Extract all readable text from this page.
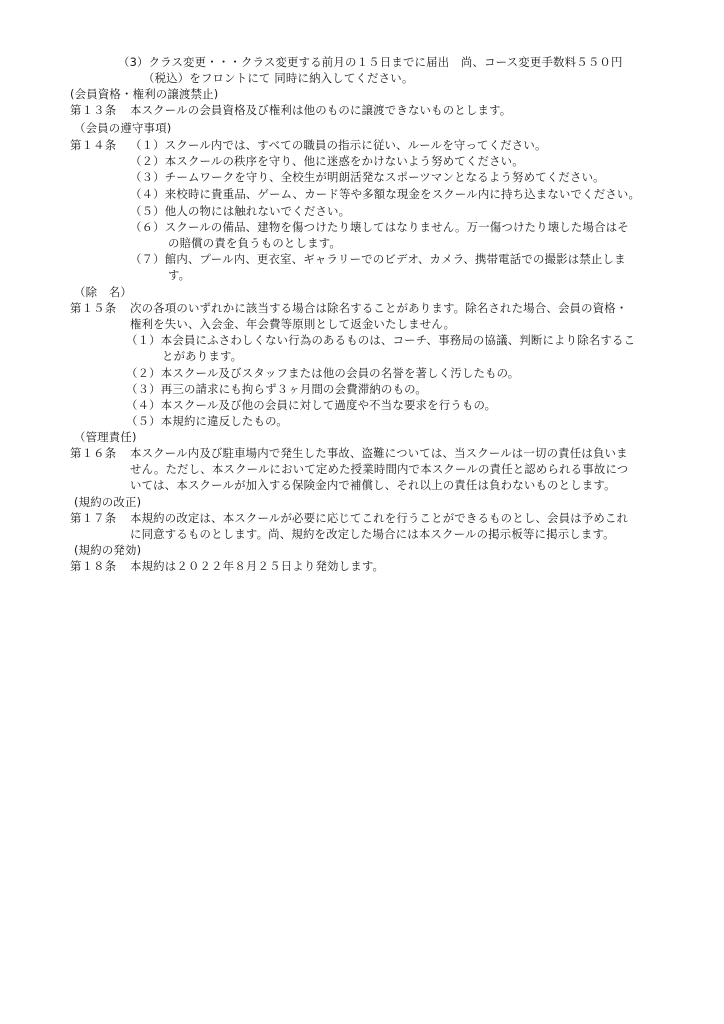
（3）クラス変更・・・クラス変更する前月の１５日までに届出　尚、コース変更手数料５５０円
（税込）をフロントにて 同時に納入してください。
(会員資格・権利の譲渡禁止)
第１３条 本スクールの会員資格及び権利は他のものに譲渡できないものとします。
（会員の遵守事項)
第１４条 （１）スクール内では、すべての職員の指示に従い、ルールを守ってください。
（２）本スクールの秩序を守り、他に迷惑をかけないよう努めてください。
（３）チームワークを守り、全校生が明朗活発なスポーツマンとなるよう努めてください。
（４）来校時に貴重品、ゲーム、カード等や多額な現金をスクール内に持ち込まないでください。
（５）他人の物には触れないでください。
（６）スクールの備品、建物を傷つけたり壊してはなりません。万一傷つけたり壊した場合はそ
の賠償の責を負うものとします。
（７）館内、プール内、更衣室、ギャラリーでのビデオ、カメラ、携帯電話での撮影は禁止しま
す。
（除　名）
第１５条 次の各項のいずれかに該当する場合は除名することがあります。除名された場合、会員の資格・
権利を失い、入会金、年会費等原則として返金いたしません。
（１）本会員にふさわしくない行為のあるものは、コーチ、事務局の協議、判断により除名するこ
とがあります。
（２）本スクール及びスタッフまたは他の会員の名誉を著しく汚したもの。
（３）再三の請求にも拘らず３ヶ月間の会費滞納のもの。
（４）本スクール及び他の会員に対して過度や不当な要求を行うもの。
（５）本規約に違反したもの。
（管理責任)
第１６条 本スクール内及び駐車場内で発生した事故、盗難については、当スクールは一切の責任は負いま
せん。ただし、本スクールにおいて定めた授業時間内で本スクールの責任と認められる事故につ
いては、本スクールが加入する保険金内で補償し、それ以上の責任は負わないものとします。
(規約の改正)
第１７条 本規約の改定は、本スクールが必要に応じてこれを行うことができるものとし、会員は予めこれ
に同意するものとします。尚、規約を改定した場合には本スクールの掲示板等に掲示します。
(規約の発効)
第１８条 本規約は２０２２年８月２５日より発効します。
